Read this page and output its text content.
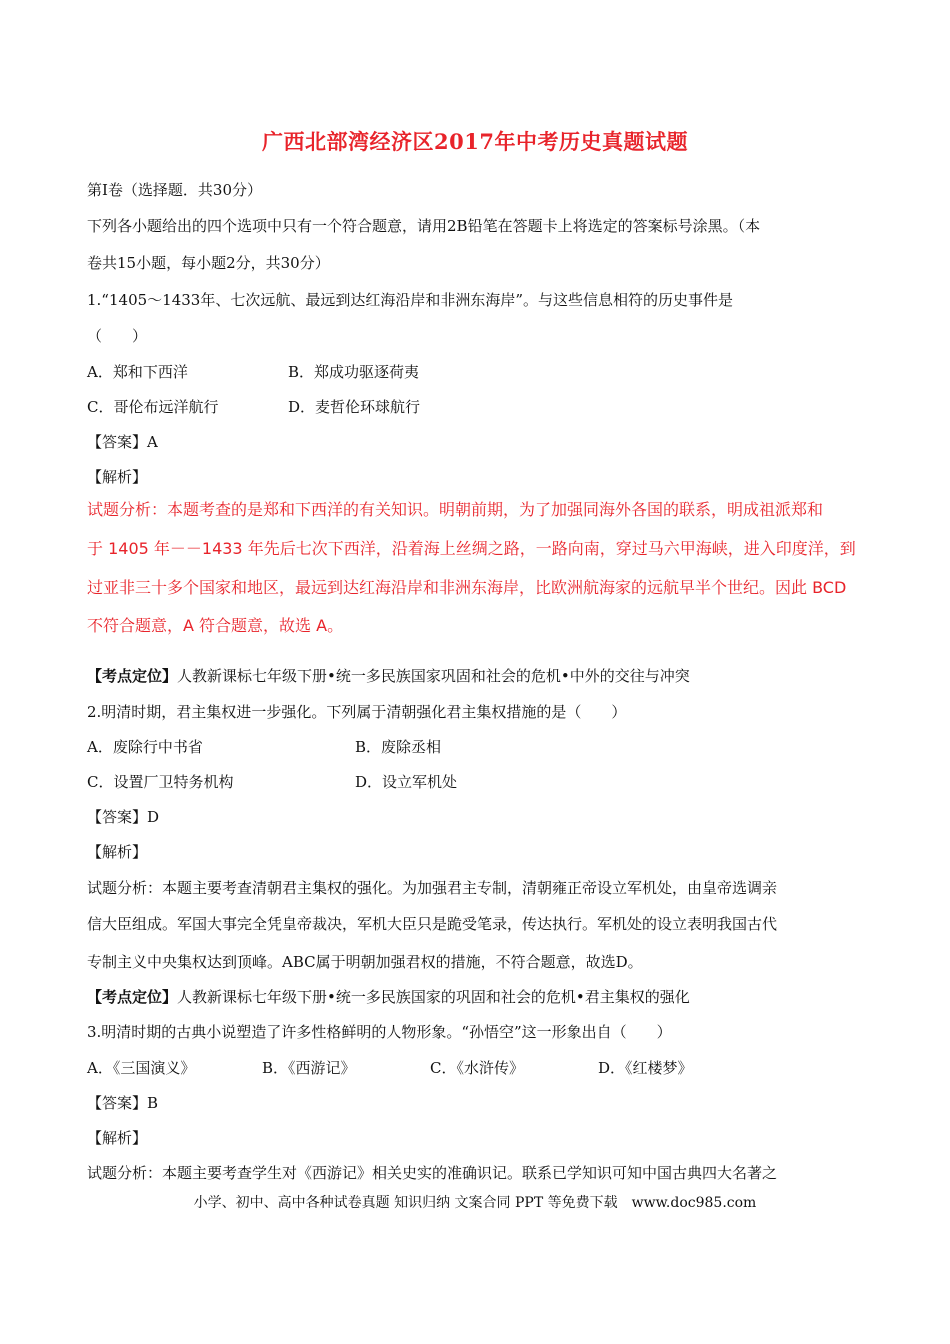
广西北部湾经济区2017年中考历史真题试题
第Ⅰ卷（选择题．共30分）
下列各小题给出的四个选项中只有一个符合题意，请用2B铅笔在答题卡上将选定的答案标号涂黑。（本
卷共15小题，每小题2分，共30分）
1.“1405～1433年、七次远航、最远到达红海沿岸和非洲东海岸”。与这些信息相符的历史事件是
（　　）
A．郑和下西洋	B．郑成功驱逐荷夷
C．哥伦布远洋航行	D．麦哲伦环球航行
【答案】A
【解析】
试题分析：本题考查的是郑和下西洋的有关知识。明朝前期，为了加强同海外各国的联系，明成祖派郑和
于 1405 年－－1433 年先后七次下西洋，沿着海上丝绸之路，一路向南，穿过马六甲海峡，进入印度洋，到
过亚非三十多个国家和地区，最远到达红海沿岸和非洲东海岸，比欧洲航海家的远航早半个世纪。因此 BCD
不符合题意，A 符合题意，故选 A。
【考点定位】人教新课标七年级下册•统一多民族国家巩固和社会的危机•中外的交往与冲突
2.明清时期，君主集权进一步强化。下列属于清朝强化君主集权措施的是（　　）
A．废除行中书省	B．废除丞相
C．设置厂卫特务机构	D．设立军机处
【答案】D
【解析】
试题分析：本题主要考查清朝君主集权的强化。为加强君主专制，清朝雍正帝设立军机处，由皇帝选调亲
信大臣组成。军国大事完全凭皇帝裁决，军机大臣只是跪受笔录，传达执行。军机处的设立表明我国古代
专制主义中央集权达到顶峰。ABC属于明朝加强君权的措施，不符合题意，故选D。
【考点定位】人教新课标七年级下册•统一多民族国家的巩固和社会的危机•君主集权的强化
3.明清时期的古典小说塑造了许多性格鲜明的人物形象。“孙悟空”这一形象出自（　　）
A．《三国演义》	B．《西游记》	C．《水浒传》	D．《红楼梦》
【答案】B
【解析】
试题分析：本题主要考查学生对《西游记》相关史实的准确识记。联系已学知识可知中国古典四大名著之
小学、初中、高中各种试卷真题 知识归纳 文案合同 PPT 等免费下载　www.doc985.com
